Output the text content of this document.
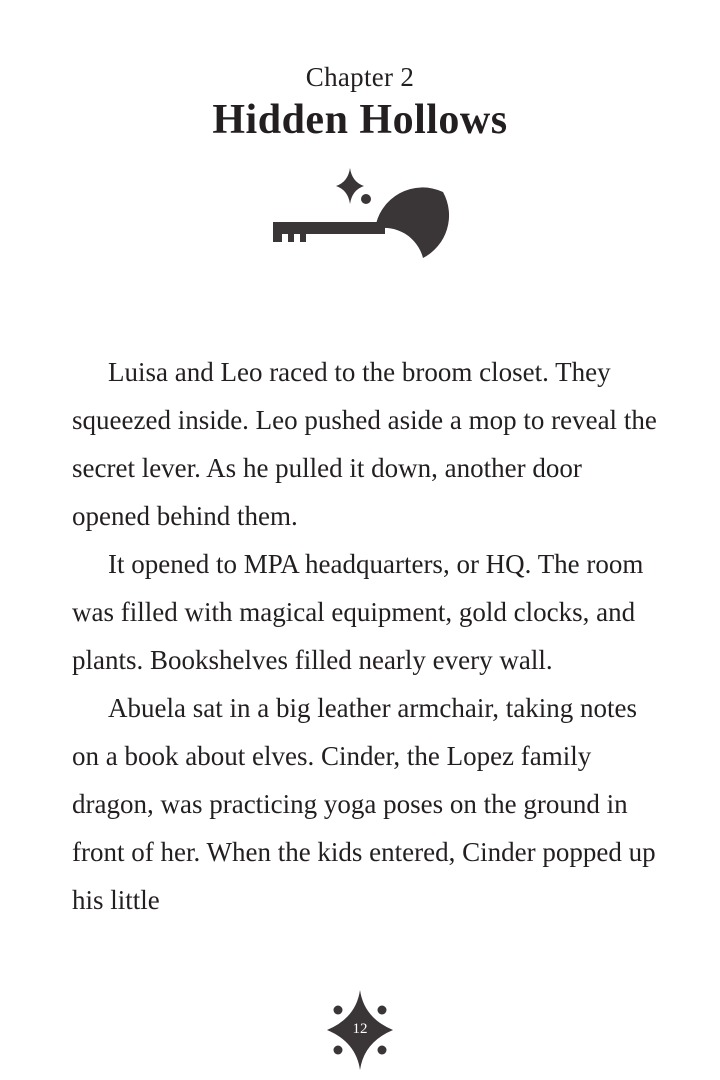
Chapter 2
Hidden Hollows

Luisa and Leo raced to the broom closet. They squeezed inside. Leo pushed aside a mop to reveal the secret lever. As he pulled it down, another door opened behind them.

It opened to MPA headquarters, or HQ. The room was filled with magical equipment, gold clocks, and plants. Bookshelves filled nearly every wall.

Abuela sat in a big leather armchair, taking notes on a book about elves. Cinder, the Lopez family dragon, was practicing yoga poses on the ground in front of her. When the kids entered, Cinder popped up his little

12
